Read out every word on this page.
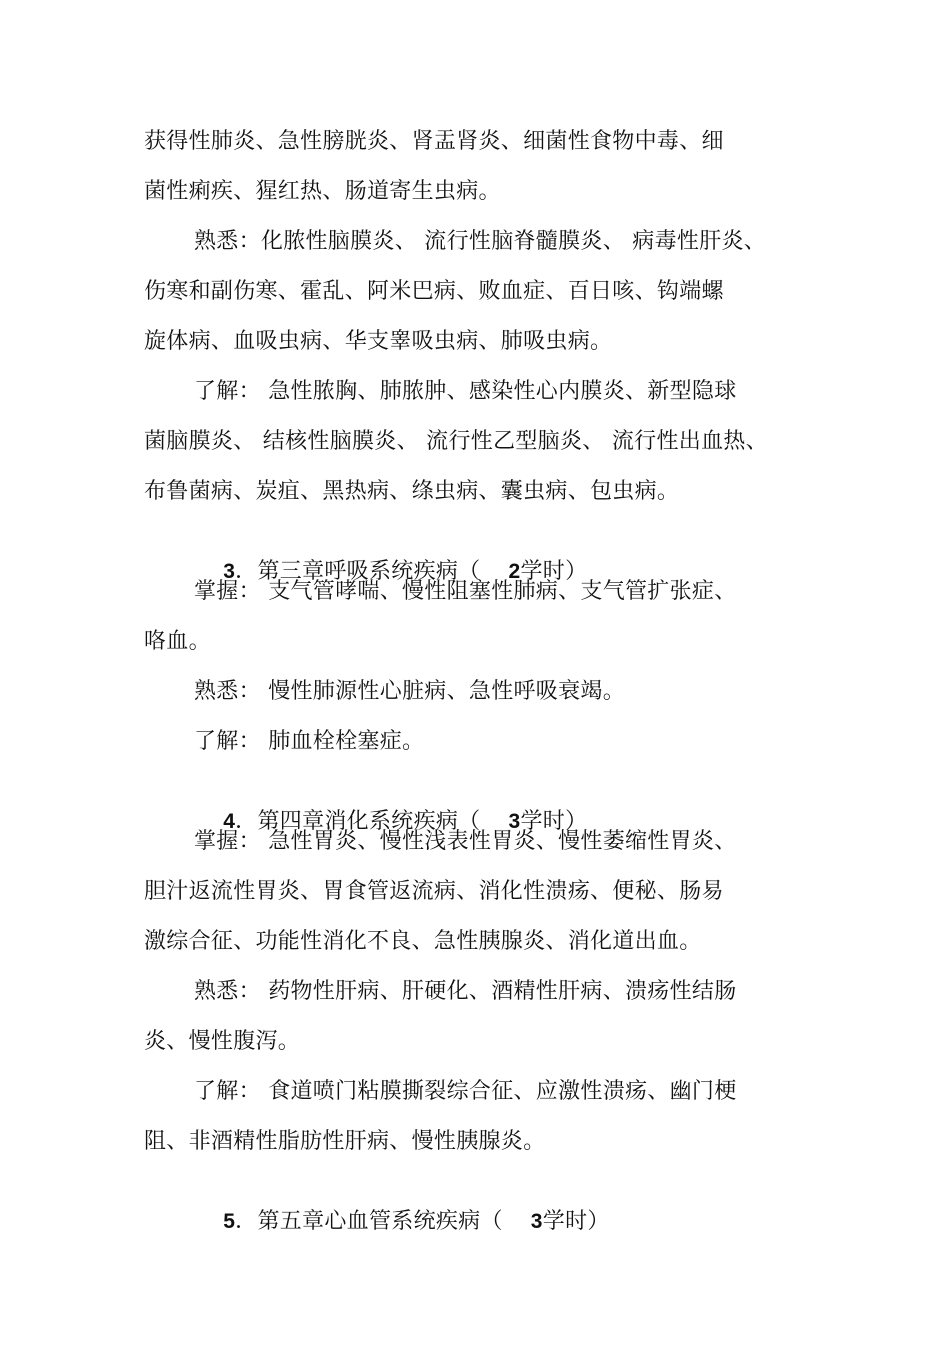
获得性肺炎、急性膀胱炎、肾盂肾炎、细菌性食物中毒、细
菌性痢疾、猩红热、肠道寄生虫病。
熟悉：化脓性脑膜炎、 流行性脑脊髓膜炎、 病毒性肝炎、
伤寒和副伤寒、霍乱、阿米巴病、败血症、百日咳、钩端螺
旋体病、血吸虫病、华支睾吸虫病、肺吸虫病。
了解： 急性脓胸、肺脓肿、感染性心内膜炎、新型隐球
菌脑膜炎、 结核性脑膜炎、 流行性乙型脑炎、 流行性出血热、
布鲁菌病、炭疽、黑热病、绦虫病、囊虫病、包虫病。

3．第三章呼吸系统疾病（ 2学时）

掌握： 支气管哮喘、慢性阻塞性肺病、支气管扩张症、
咯血。
熟悉： 慢性肺源性心脏病、急性呼吸衰竭。
了解： 肺血栓栓塞症。

4．第四章消化系统疾病（ 3学时）

掌握： 急性胃炎、慢性浅表性胃炎、慢性萎缩性胃炎、
胆汁返流性胃炎、胃食管返流病、消化性溃疡、便秘、肠易
激综合征、功能性消化不良、急性胰腺炎、消化道出血。
熟悉： 药物性肝病、肝硬化、酒精性肝病、溃疡性结肠
炎、慢性腹泻。
了解： 食道喷门粘膜撕裂综合征、应激性溃疡、幽门梗
阻、非酒精性脂肪性肝病、慢性胰腺炎。

5．第五章心血管系统疾病（ 3学时）
